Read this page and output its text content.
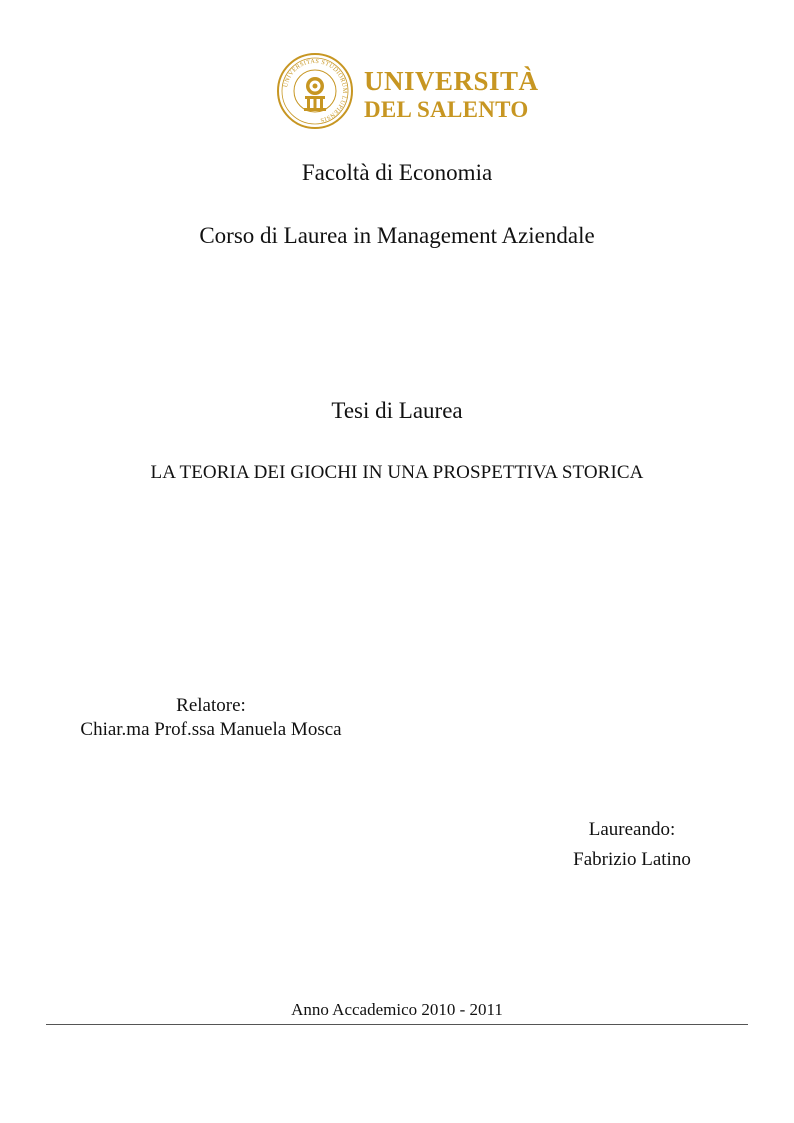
UNIVERSITAS STUDIORUM LUPIENSIS
UNIVERSITÀ
DEL SALENTO
Facoltà di Economia
Corso di Laurea in Management Aziendale
Tesi di Laurea
LA TEORIA DEI GIOCHI IN UNA PROSPETTIVA STORICA
Relatore:
Chiar.ma Prof.ssa Manuela Mosca
Laureando:
Fabrizio Latino
Anno Accademico 2010 - 2011
